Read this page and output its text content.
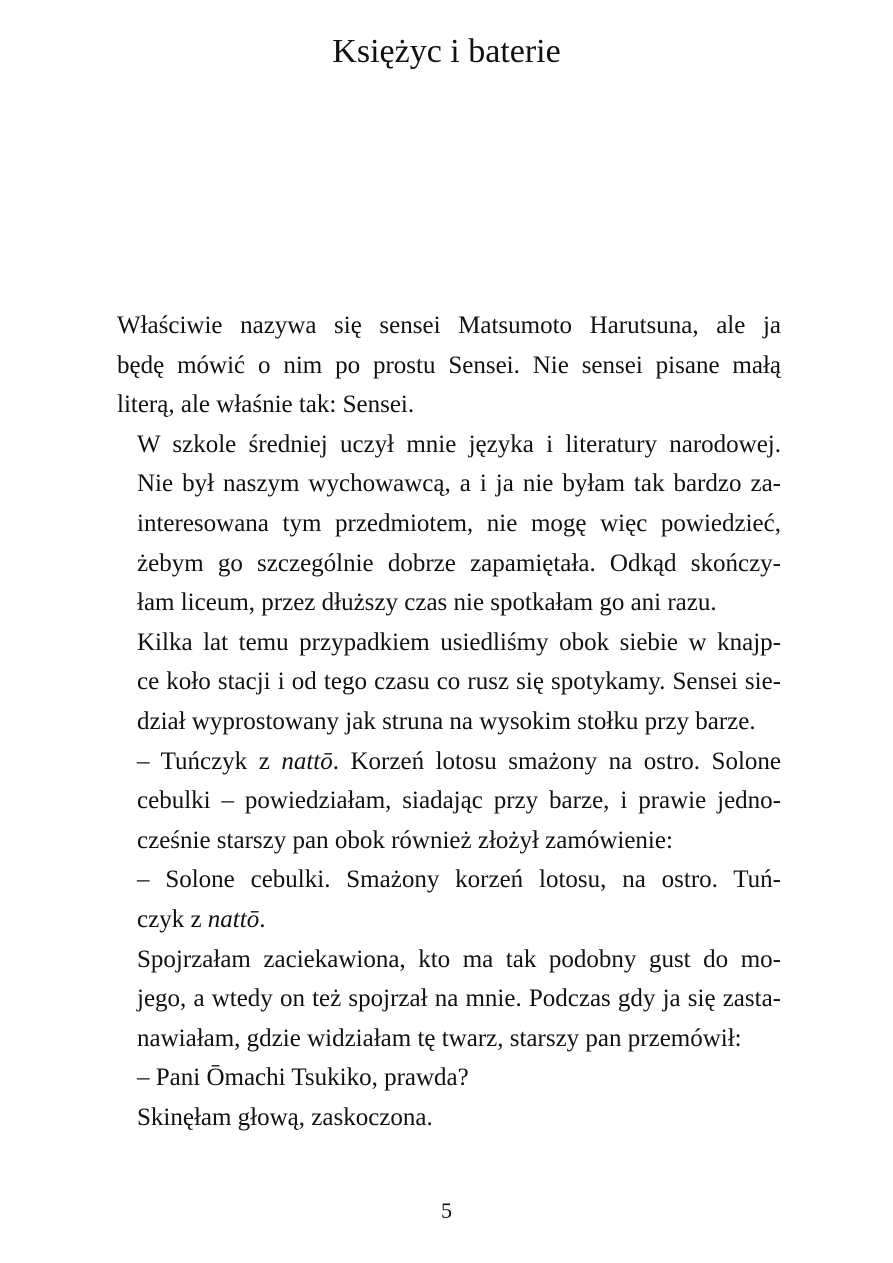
Księżyc i baterie

Właściwie nazywa się sensei Matsumoto Harutsuna, ale ja
będę mówić o nim po prostu Sensei. Nie sensei pisane małą
literą, ale właśnie tak: Sensei.

W szkole średniej uczył mnie języka i literatury narodowej.
Nie był naszym wychowawcą, a i ja nie byłam tak bardzo za-
interesowana tym przedmiotem, nie mogę więc powiedzieć,
żebym go szczególnie dobrze zapamiętała. Odkąd skończy-
łam liceum, przez dłuższy czas nie spotkałam go ani razu.

Kilka lat temu przypadkiem usiedliśmy obok siebie w knajp-
ce koło stacji i od tego czasu co rusz się spotykamy. Sensei sie-
dział wyprostowany jak struna na wysokim stołku przy barze.

– Tuńczyk z nattō. Korzeń lotosu smażony na ostro. Solone
cebulki – powiedziałam, siadając przy barze, i prawie jedno-
cześnie starszy pan obok również złożył zamówienie:

– Solone cebulki. Smażony korzeń lotosu, na ostro. Tuń-
czyk z nattō.

Spojrzałam zaciekawiona, kto ma tak podobny gust do mo-
jego, a wtedy on też spojrzał na mnie. Podczas gdy ja się zasta-
nawiałam, gdzie widziałam tę twarz, starszy pan przemówił:

– Pani Ōmachi Tsukiko, prawda?

Skinęłam głową, zaskoczona.

5
